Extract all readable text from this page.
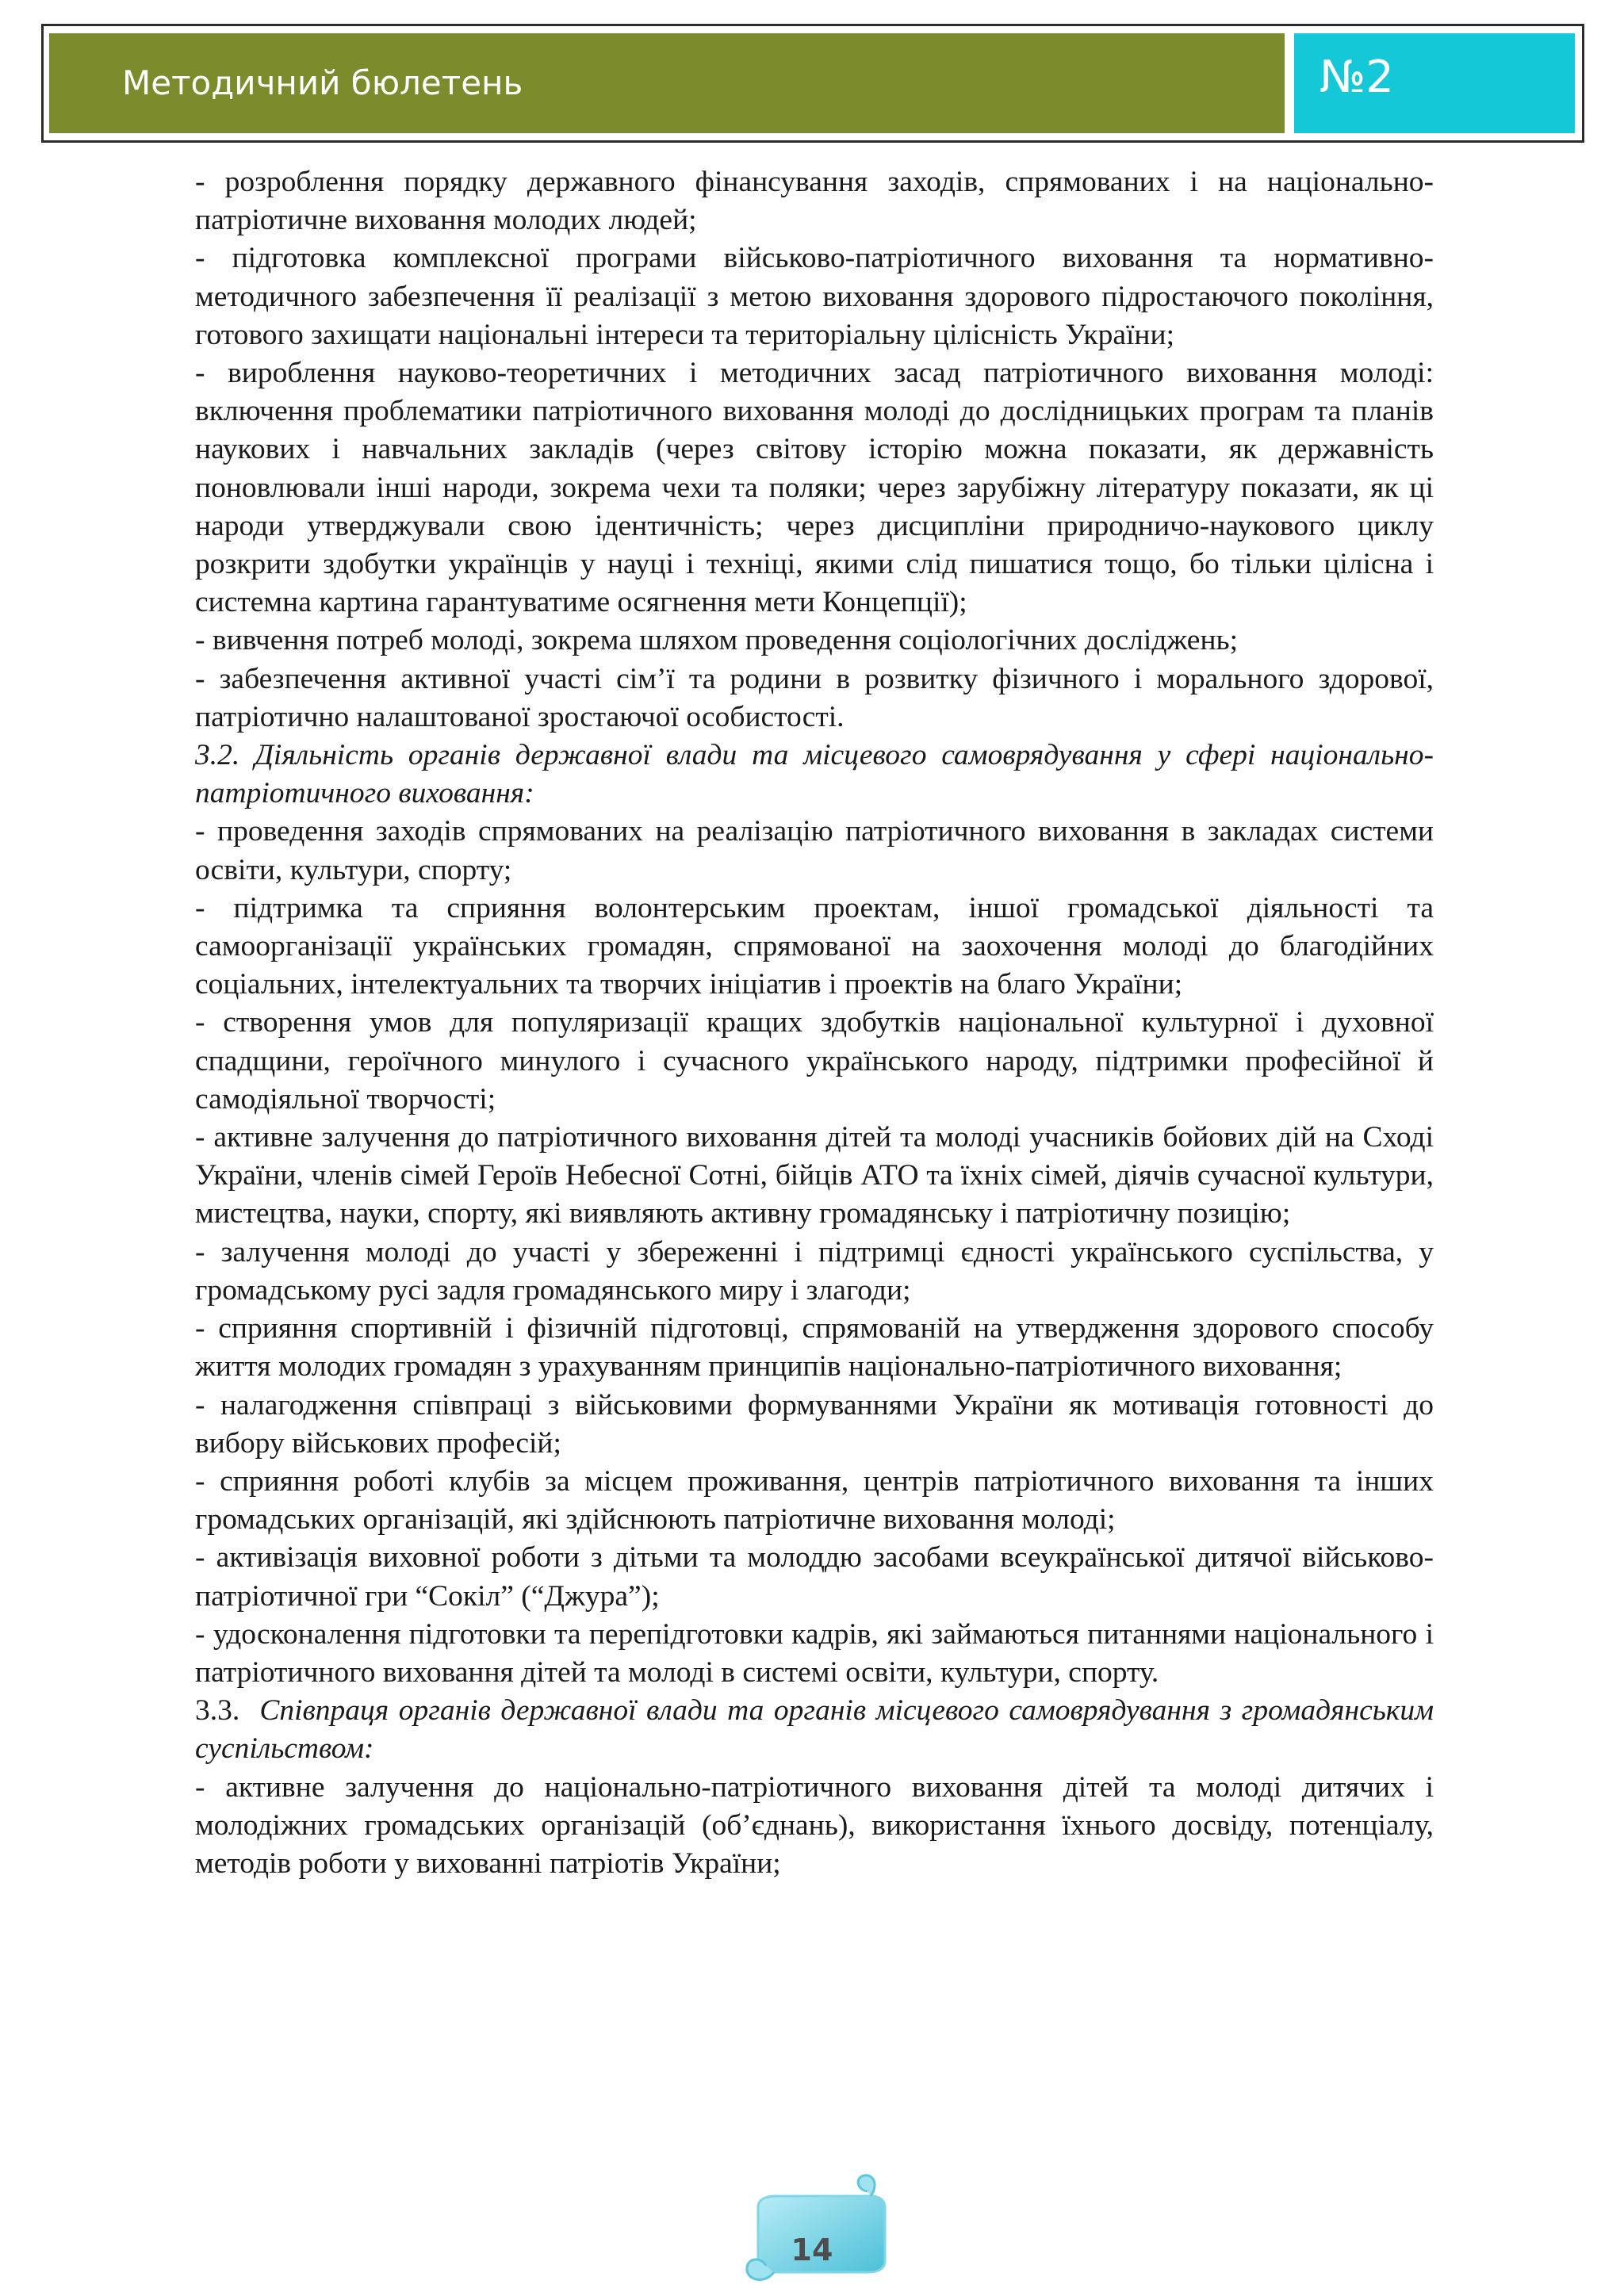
Методичний бюлетень	№2

- розроблення порядку державного фінансування заходів, спрямованих і на національно-патріотичне виховання молодих людей;

- підготовка комплексної програми військово-патріотичного виховання та нормативно-методичного забезпечення її реалізації з метою виховання здорового підростаючого покоління, готового захищати національні інтереси та територіальну цілісність України;

- вироблення науково-теоретичних і методичних засад патріотичного виховання молоді: включення проблематики патріотичного виховання молоді до дослідницьких програм та планів наукових і навчальних закладів (через світову історію можна показати, як державність поновлювали інші народи, зокрема чехи та поляки; через зарубіжну літературу показати, як ці народи утверджували свою ідентичність; через дисципліни природничо-наукового циклу розкрити здобутки українців у науці і техніці, якими слід пишатися тощо, бо тільки цілісна і системна картина гарантуватиме осягнення мети Концепції);

- вивчення потреб молоді, зокрема шляхом проведення соціологічних досліджень;

- забезпечення активної участі сім’ї та родини в розвитку фізичного і морального здорової, патріотично налаштованої зростаючої особистості.

3.2. Діяльність органів державної влади та місцевого самоврядування у сфері національно-патріотичного виховання:

- проведення заходів спрямованих на реалізацію патріотичного виховання в закладах системи освіти, культури, спорту;

- підтримка та сприяння волонтерським проектам, іншої громадської діяльності та самоорганізації українських громадян, спрямованої на заохочення молоді до благодійних соціальних, інтелектуальних та творчих ініціатив і проектів на благо України;

- створення умов для популяризації кращих здобутків національної культурної і духовної спадщини, героїчного минулого і сучасного українського народу, підтримки професійної й самодіяльної творчості;

- активне залучення до патріотичного виховання дітей та молоді учасників бойових дій на Сході України, членів сімей Героїв Небесної Сотні, бійців АТО та їхніх сімей, діячів сучасної культури, мистецтва, науки, спорту, які виявляють активну громадянську і патріотичну позицію;

- залучення молоді до участі у збереженні і підтримці єдності українського суспільства, у громадському русі задля громадянського миру і злагоди;

- сприяння спортивній і фізичній підготовці, спрямованій на утвердження здорового способу життя молодих громадян з урахуванням принципів національно-патріотичного виховання;

- налагодження співпраці з військовими формуваннями України як мотивація готовності до вибору військових професій;

- сприяння роботі клубів за місцем проживання, центрів патріотичного виховання та інших громадських організацій, які здійснюють патріотичне виховання молоді;

- активізація виховної роботи з дітьми та молоддю засобами всеукраїнської дитячої військово-патріотичної гри “Сокіл” (“Джура”);

- удосконалення підготовки та перепідготовки кадрів, які займаються питаннями національного і патріотичного виховання дітей та молоді в системі освіти, культури, спорту.

3.3. Співпраця органів державної влади та органів місцевого самоврядування з громадянським суспільством:

- активне залучення до національно-патріотичного виховання дітей та молоді дитячих і молодіжних громадських організацій (об’єднань), використання їхнього досвіду, потенціалу, методів роботи у вихованні патріотів України;

14
